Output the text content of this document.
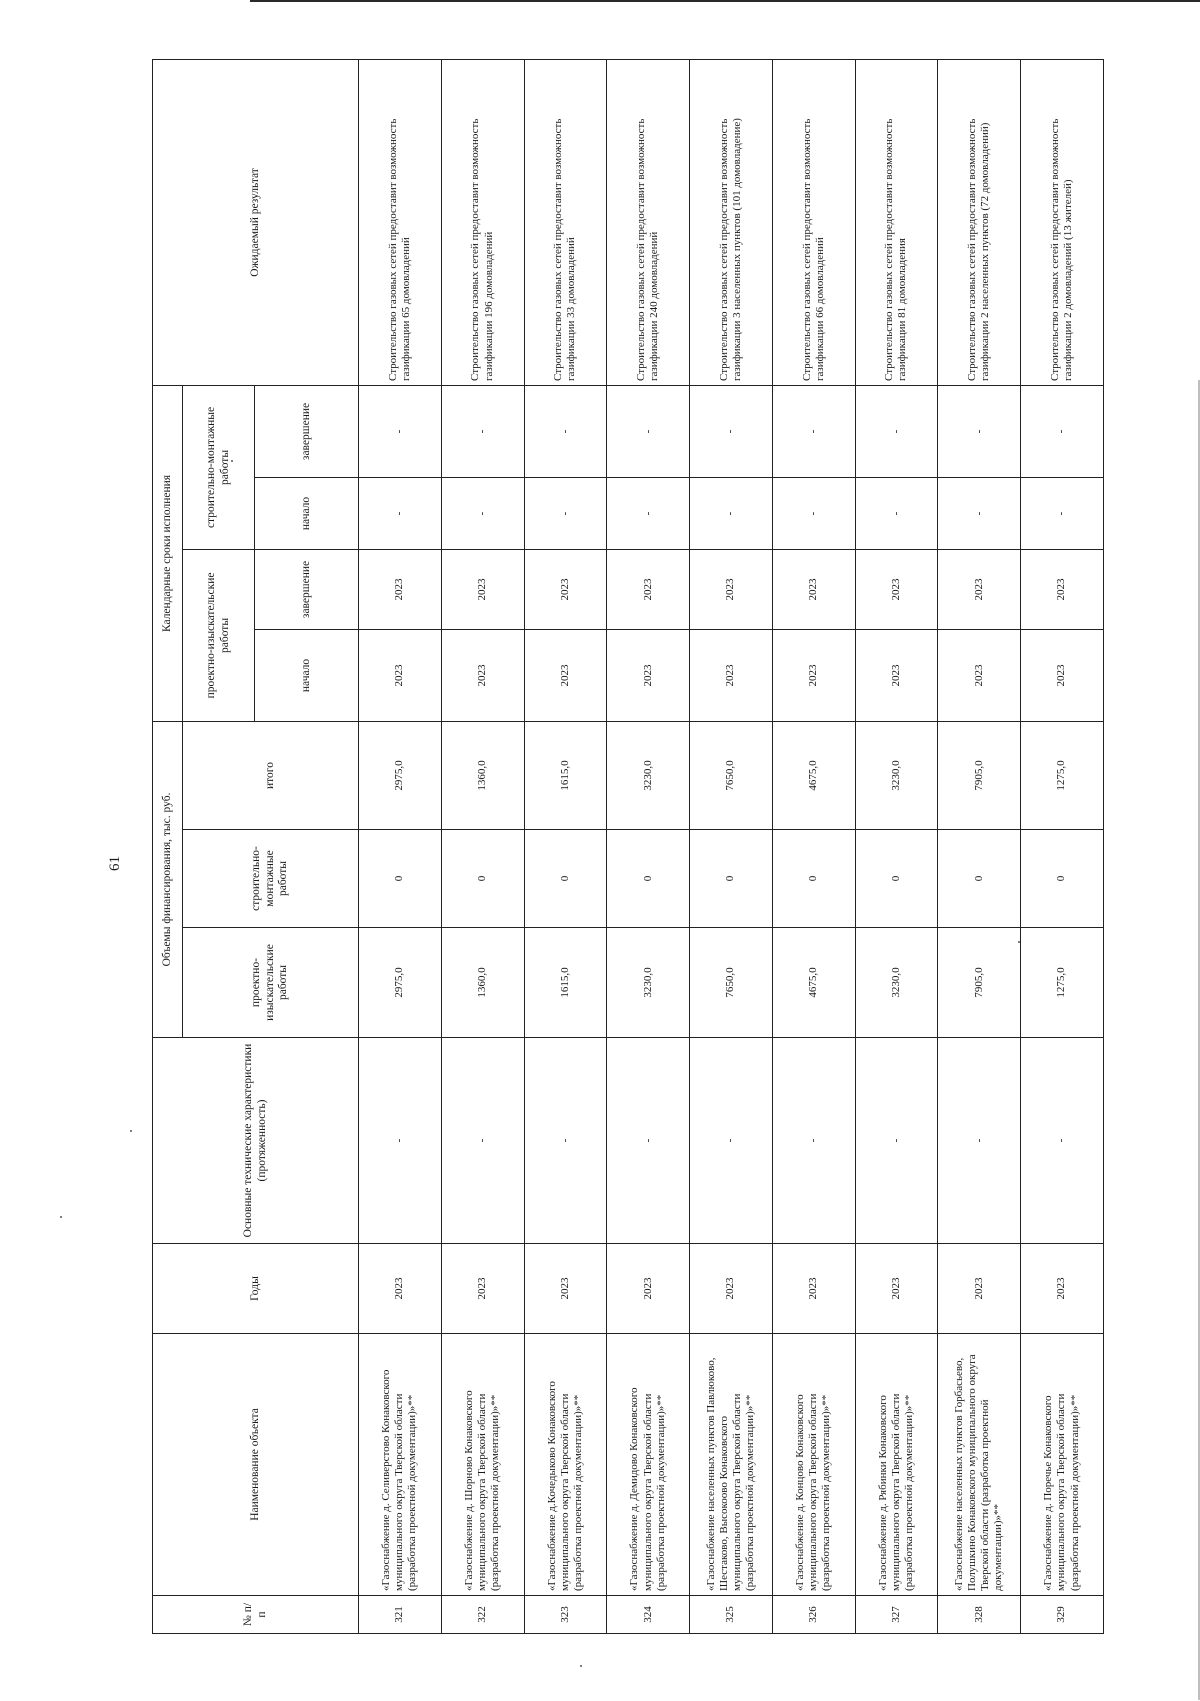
61
№ п/п	Наименование объекта	Годы	Основные технические характеристики (протяженность)	Объемы финансирования, тыс. руб.			Календарные сроки исполнения				Ожидаемый результат
				проектно-изыскательские работы	строительно-монтажные работы	итого	проектно-изыскательские работы		строительно-монтажные работы		
							начало	завершение	начало	завершение	
321	«Газоснабжение д. Селиверстово Конаковского муниципального округа Тверской области (разработка проектной документации)»**	2023	-	2975,0	0	2975,0	2023	2023	-	-	Строительство газовых сетей предоставит возможность газификации 65 домовладений
322	«Газоснабжение д. Шорново Конаковского муниципального округа Тверской области (разработка проектной документации)»**	2023	-	1360,0	0	1360,0	2023	2023	-	-	Строительство газовых сетей предоставит возможность газификации 196 домовладений
323	«Газоснабжение д.Кочедыково Конаковского муниципального округа Тверской области (разработка проектной документации)»**	2023	-	1615,0	0	1615,0	2023	2023	-	-	Строительство газовых сетей предоставит возможность газификации 33 домовладений
324	«Газоснабжение д. Демидово Конаковского муниципального округа Тверской области (разработка проектной документации)»**	2023	-	3230,0	0	3230,0	2023	2023	-	-	Строительство газовых сетей предоставит возможность газификации 240 домовладений
325	«Газоснабжение населенных пунктов Павлюково, Шестаково, Высокоово Конаковского муниципального округа Тверской области (разработка проектной документации)»**	2023	-	7650,0	0	7650,0	2023	2023	-	-	Строительство газовых сетей предоставит возможность газификации 3 населенных пунктов (101 домовладение)
326	«Газоснабжение д. Концово Конаковского муниципального округа Тверской области (разработка проектной документации)»**	2023	-	4675,0	0	4675,0	2023	2023	-	-	Строительство газовых сетей предоставит возможность газификации 66 домовладений
327	«Газоснабжение д. Рябинки Конаковского муниципального округа Тверской области (разработка проектной документации)»**	2023	-	3230,0	0	3230,0	2023	2023	-	-	Строительство газовых сетей предоставит возможность газификации 81 домовладения
328	«Газоснабжение населенных пунктов Горбасьево, Полушкино Конаковского муниципального округа Тверской области (разработка проектной документации)»**	2023	-	7905,0	0	7905,0	2023	2023	-	-	Строительство газовых сетей предоставит возможность газификации 2 населенных пунктов (72 домовладений)
329	«Газоснабжение д. Поречье Конаковского муниципального округа Тверской области (разработка проектной документации)»**	2023	-	1275,0	0	1275,0	2023	2023	-	-	Строительство газовых сетей предоставит возможность газификации 2 домовладений (13 жителей)
